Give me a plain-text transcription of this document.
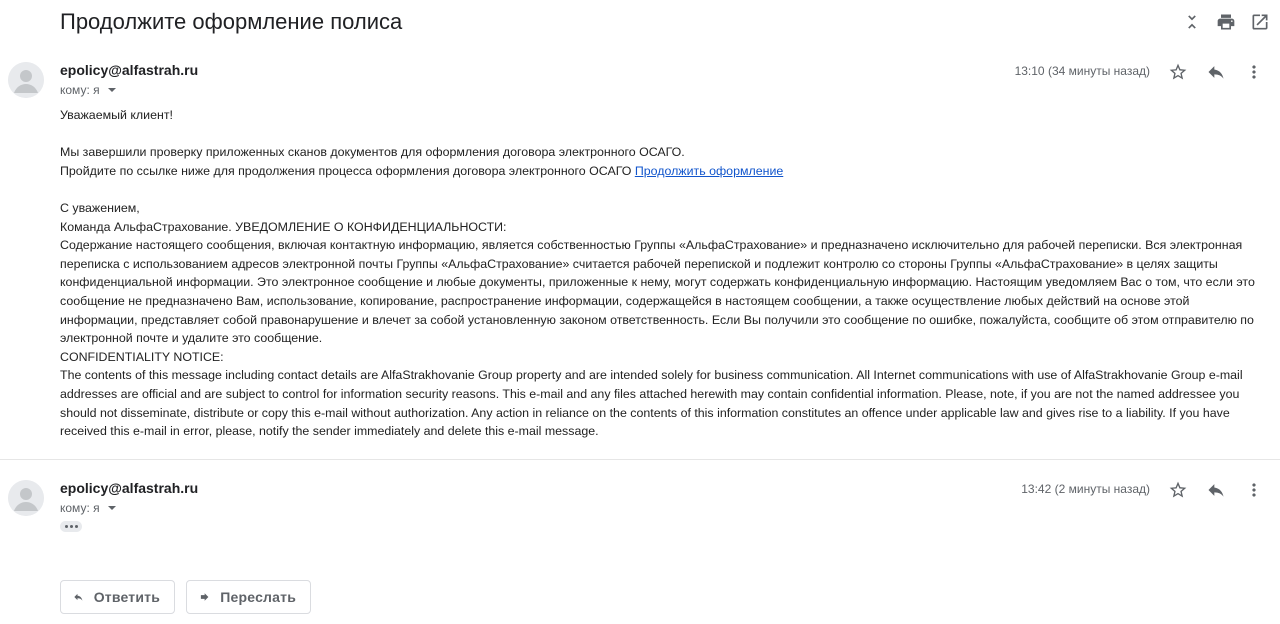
Продолжите оформление полиса
epolicy@alfastrah.ru
кому: я
13:10 (34 минуты назад)

Уважаемый клиент!

Мы завершили проверку приложенных сканов документов для оформления договора электронного ОСАГО.

Пройдите по ссылке ниже для продолжения процесса оформления договора электронного ОСАГО Продолжить оформление

С уважением,

Команда АльфаСтрахование. УВЕДОМЛЕНИЕ О КОНФИДЕНЦИАЛЬНОСТИ:

Содержание настоящего сообщения, включая контактную информацию, является собственностью Группы «АльфаСтрахование» и предназначено исключительно для рабочей переписки. Вся электронная

переписка с использованием адресов электронной почты Группы «АльфаСтрахование» считается рабочей перепиской и подлежит контролю со стороны Группы «АльфаСтрахование» в целях защиты

конфиденциальной информации. Это электронное сообщение и любые документы, приложенные к нему, могут содержать конфиденциальную информацию. Настоящим уведомляем Вас о том, что если это

сообщение не предназначено Вам, использование, копирование, распространение информации, содержащейся в настоящем сообщении, а также осуществление любых действий на основе этой

информации, представляет собой правонарушение и влечет за собой установленную законом ответственность. Если Вы получили это сообщение по ошибке, пожалуйста, сообщите об этом отправителю по

электронной почте и удалите это сообщение.

CONFIDENTIALITY NOTICE:

The contents of this message including contact details are AlfaStrakhovanie Group property and are intended solely for business communication. All Internet communications with use of AlfaStrakhovanie Group e-mail

addresses are official and are subject to control for information security reasons. This e-mail and any files attached herewith may contain confidential information. Please, note, if you are not the named addressee you

should not disseminate, distribute or copy this e-mail without authorization. Any action in reliance on the contents of this information constitutes an offence under applicable law and gives rise to a liability. If you have

received this e-mail in error, please, notify the sender immediately and delete this e-mail message.

epolicy@alfastrah.ru
кому: я
13:42 (2 минуты назад)
Ответить	Переслать
